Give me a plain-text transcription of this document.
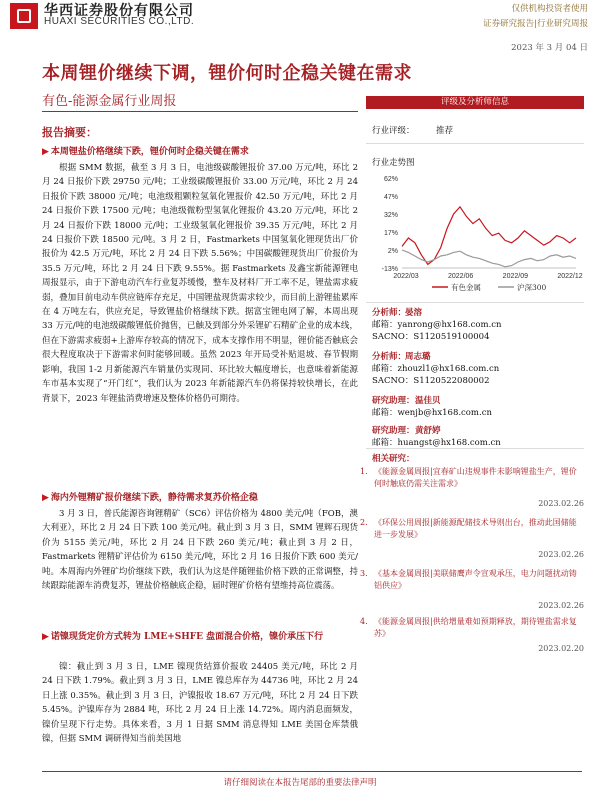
华西证券股份有限公司
HUAXI SECURITIES CO.,LTD.
仅供机构投资者使用
证券研究报告|行业研究周报
2023 年 3 月 04 日
本周锂价继续下调，锂价何时企稳关键在需求
有色-能源金属行业周报
报告摘要：
▶ 本周锂盐价格继续下跌，锂价何时企稳关键在需求
根据 SMM 数据，截至 3 月 3 日，电池级碳酸锂报价 37.00 万元/吨，环比 2 月 24 日报价下跌 29750 元/吨；工业级碳酸锂报价 33.00 万元/吨，环比 2 月 24 日报价下跌 38000 元/吨；电池级粗颗粒氢氧化锂报价 42.50 万元/吨，环比 2 月 24 日报价下跌 17500 元/吨；电池级微粉型氢氧化锂报价 43.20 万元/吨，环比 2 月 24 日报价下跌 18000 元/吨；工业级氢氧化锂报价 39.35 万元/吨，环比 2 月 24 日报价下跌 18500 元/吨。3 月 2 日，Fastmarkets 中国氢氧化锂现货出厂价报价为 42.5 万元/吨，环比 2 月 24 日下跌 5.56%；中国碳酸锂现货出厂价报价为 35.5 万元/吨，环比 2 月 24 日下跌 9.55%。据 Fastmarkets 及鑫宝新能源锂电周报显示，由于下游电动汽车行业复苏缓慢，整车及材料厂开工率不足，锂盐需求疲弱，叠加目前电动车供应链库存充足，中国锂盐现货需求较少，而目前上游锂盐累库在 4 万吨左右，供应充足，导致锂盐价格继续下跌。据富宝锂电网了解，本周出现 33 万元/吨的电池级碳酸锂低价抛售，已触及到部分外采锂矿石精矿企业的成本线，但在下游需求疲弱+上游库存较高的情况下，成本支撑作用不明显，锂价能否触底会很大程度取决于下游需求何时能够回暖。虽然 2023 年开局受补贴退坡、春节假期影响，我国 1-2 月新能源汽车销量仍实现同、环比较大幅度增长，也意味着新能源车市基本实现了“开门红”，我们认为 2023 年新能源汽车仍将保持较快增长，在此背景下，2023 年锂盐消费增速及整体价格仍可期待。
▶ 海内外锂精矿报价继续下跌，静待需求复苏价格企稳
3 月 3 日，普氏能源咨询锂精矿（SC6）评估价格为 4800 美元/吨（FOB，澳大利亚），环比 2 月 24 日下跌 100 美元/吨。截止到 3 月 3 日，SMM 锂辉石现货价为 5155 美元/吨，环比 2 月 24 日下跌 260 美元/吨；截止到 3 月 2 日，Fastmarkets 锂精矿评估价为 6150 美元/吨，环比 2 月 16 日报价下跌 600 美元/吨。本周海内外锂矿均价继续下跌，我们认为这是伴随锂盐价格下跌的正常调整，持续跟踪能源车消费复苏，锂盐价格触底企稳，届时锂矿价格有望维持高位震荡。
▶ 诺镍现货定价方式转为 LME+SHFE 盘面混合价格，镍价承压下行
镍：截止到 3 月 3 日，LME 镍现货结算价报收 24405 美元/吨，环比 2 月 24 日下跌 1.79%。截止到 3 月 3 日，LME 镍总库存为 44736 吨，环比 2 月 24 日上涨 0.35%。截止到 3 月 3 日，沪镍报收 18.67 万元/吨，环比 2 月 24 日下跌 5.45%。沪镍库存为 2884 吨，环比 2 月 24 日上涨 14.72%。周内消息面频发，镍价呈现下行走势。具体来看，3 月 1 日据 SMM 消息得知 LME 美国仓库禁俄镍，但据 SMM 调研得知当前美国地
评级及分析师信息
行业评级：	推荐
行业走势图
62%
47%
32%
17%
2%
-13%
2022/03	2022/06	2022/09	2022/12
有色金属	沪深300
分析师：
晏溶
邮箱：yanrong@hx168.com.cn
SACNO：S1120519100004
分析师：
周志璐
邮箱：zhouzl1@hx168.com.cn
SACNO：S1120522080002
研究助理： 温佳贝
邮箱：wenjb@hx168.com.cn
研究助理： 黄舒婷
邮箱：huangst@hx168.com.cn
相关研究：
1. 《能源金属周报|宜春矿山违规事件未影响锂盐生产，锂价何时触底仍需关注需求》
2023.02.26
2. 《环保公用周报|新能源配储技术导则出台，推动此国储能进一步发展》
2023.02.26
3. 《基本金属周报|美联储鹰声令宣观承压，电力问题扰动铸铝供应》
2023.02.26
4. 《能源金属周报|供给增量难如预期释放，期待锂盐需求复苏》
2023.02.20
请仔细阅读在本报告尾部的重要法律声明
